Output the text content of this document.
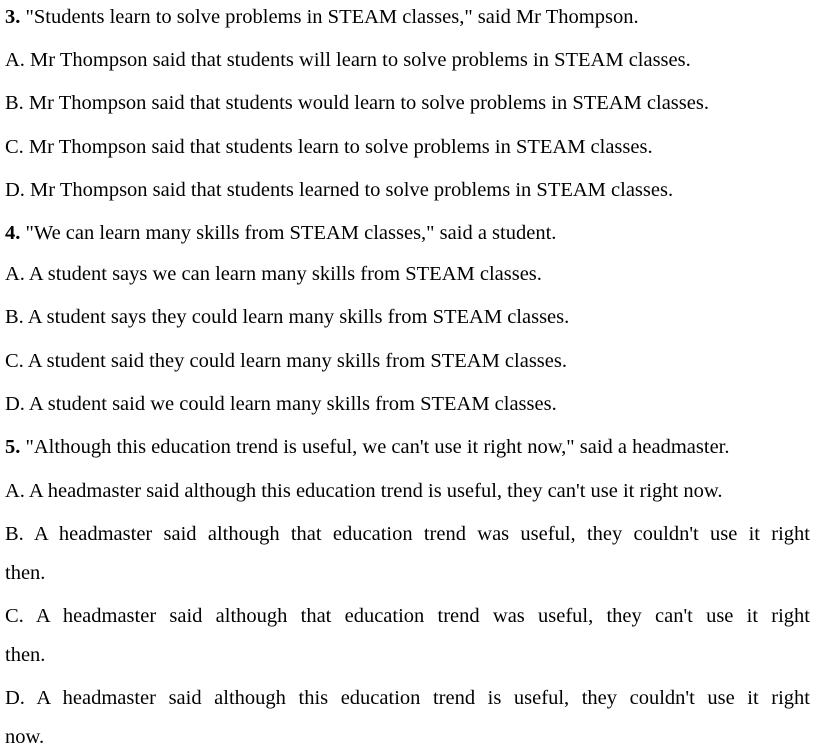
3. "Students learn to solve problems in STEAM classes," said Mr Thompson.
A. Mr Thompson said that students will learn to solve problems in STEAM classes.
B. Mr Thompson said that students would learn to solve problems in STEAM classes.
C. Mr Thompson said that students learn to solve problems in STEAM classes.
D. Mr Thompson said that students learned to solve problems in STEAM classes.
4. "We can learn many skills from STEAM classes," said a student.
A. A student says we can learn many skills from STEAM classes.
B. A student says they could learn many skills from STEAM classes.
C. A student said they could learn many skills from STEAM classes.
D. A student said we could learn many skills from STEAM classes.
5. "Although this education trend is useful, we can't use it right now," said a headmaster.
A. A headmaster said although this education trend is useful, they can't use it right now.
B. A headmaster said although that education trend was useful, they couldn't use it right
then.
C. A headmaster said although that education trend was useful, they can't use it right
then.
D. A headmaster said although this education trend is useful, they couldn't use it right
now.
